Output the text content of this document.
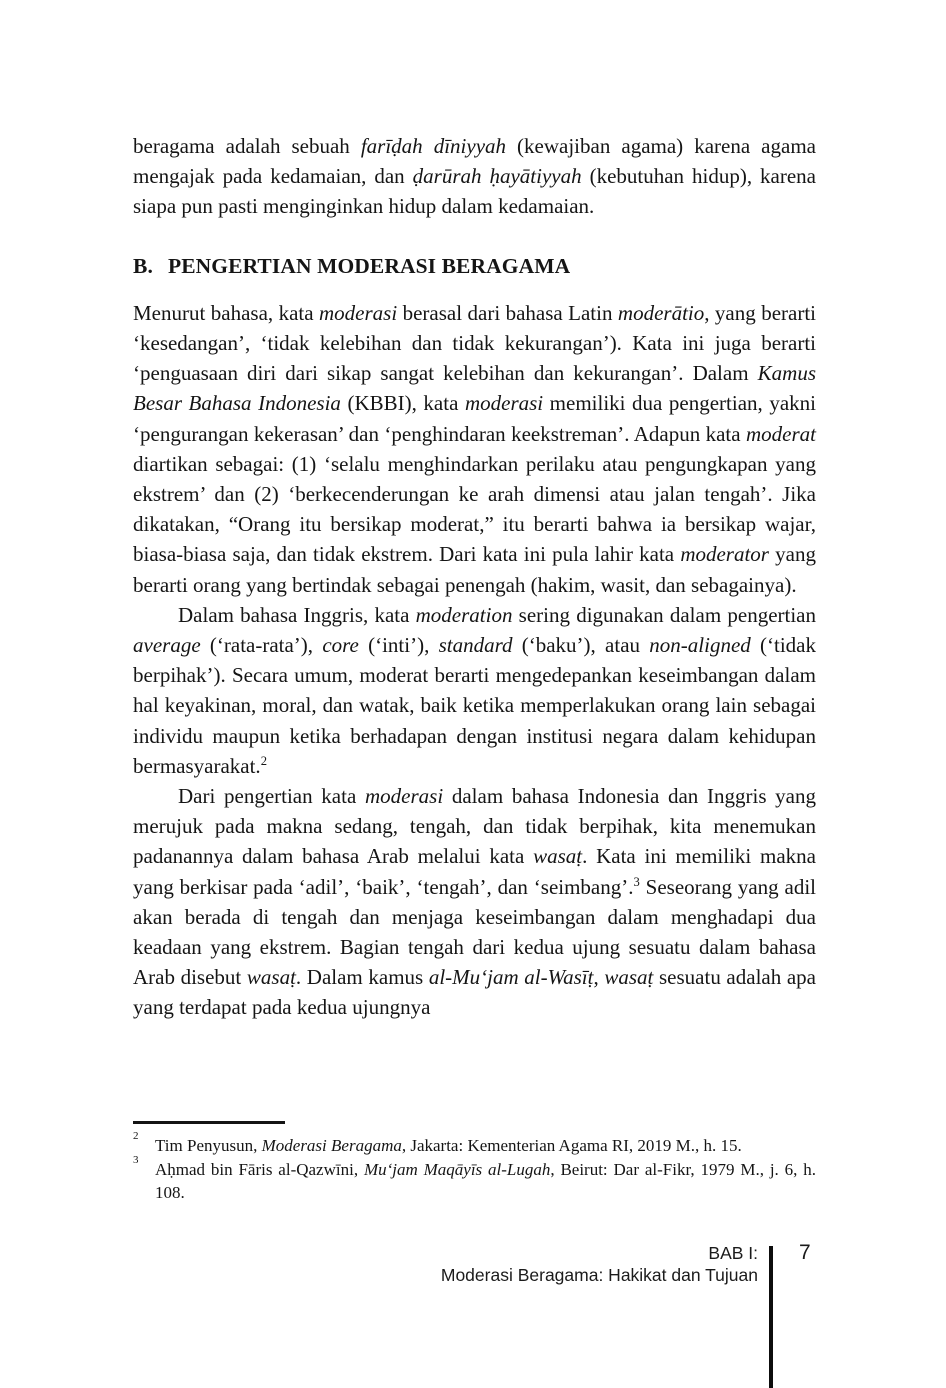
beragama adalah sebuah farīḍah dīniyyah (kewajiban agama) karena agama mengajak pada kedamaian, dan ḍarūrah ḥayātiyyah (kebutuhan hidup), karena siapa pun pasti menginginkan hidup dalam kedamaian.

B. PENGERTIAN MODERASI BERAGAMA

Menurut bahasa, kata moderasi berasal dari bahasa Latin moderātio, yang berarti ‘kesedangan’, ‘tidak kelebihan dan tidak kekurangan’). Kata ini juga berarti ‘penguasaan diri dari sikap sangat kelebihan dan kekurangan’. Dalam Kamus Besar Bahasa Indonesia (KBBI), kata moderasi memiliki dua pengertian, yakni ‘pengurangan kekerasan’ dan ‘penghindaran keekstreman’. Adapun kata moderat diartikan sebagai: (1) ‘selalu menghindarkan perilaku atau pengungkapan yang ekstrem’ dan (2) ‘berkecenderungan ke arah dimensi atau jalan tengah’. Jika dikatakan, “Orang itu bersikap moderat,” itu berarti bahwa ia bersikap wajar, biasa-biasa saja, dan tidak ekstrem. Dari kata ini pula lahir kata moderator yang berarti orang yang bertindak sebagai penengah (hakim, wasit, dan sebagainya).

Dalam bahasa Inggris, kata moderation sering digunakan dalam pengertian average (‘rata-rata’), core (‘inti’), standard (‘baku’), atau non-aligned (‘tidak berpihak’). Secara umum, moderat berarti mengedepankan keseimbangan dalam hal keyakinan, moral, dan watak, baik ketika memperlakukan orang lain sebagai individu maupun ketika berhadapan dengan institusi negara dalam kehidupan bermasyarakat.$^2$

Dari pengertian kata moderasi dalam bahasa Indonesia dan Inggris yang merujuk pada makna sedang, tengah, dan tidak berpihak, kita menemukan padanannya dalam bahasa Arab melalui kata wasaṭ. Kata ini memiliki makna yang berkisar pada ‘adil’, ‘baik’, ‘tengah’, dan ‘seimbang’.$^3$ Seseorang yang adil akan berada di tengah dan menjaga keseimbangan dalam menghadapi dua keadaan yang ekstrem. Bagian tengah dari kedua ujung sesuatu dalam bahasa Arab disebut wasaṭ. Dalam kamus al-Mu‘jam al-Wasīṭ, wasaṭ sesuatu adalah apa yang terdapat pada kedua ujungnya

2 Tim Penyusun, Moderasi Beragama, Jakarta: Kementerian Agama RI, 2019 M., h. 15.
3 Aḥmad bin Fāris al-Qazwīni, Mu‘jam Maqāyīs al-Lugah, Beirut: Dar al-Fikr, 1979 M., j. 6, h. 108.
BAB I:
Moderasi Beragama: Hakikat dan Tujuan
7
